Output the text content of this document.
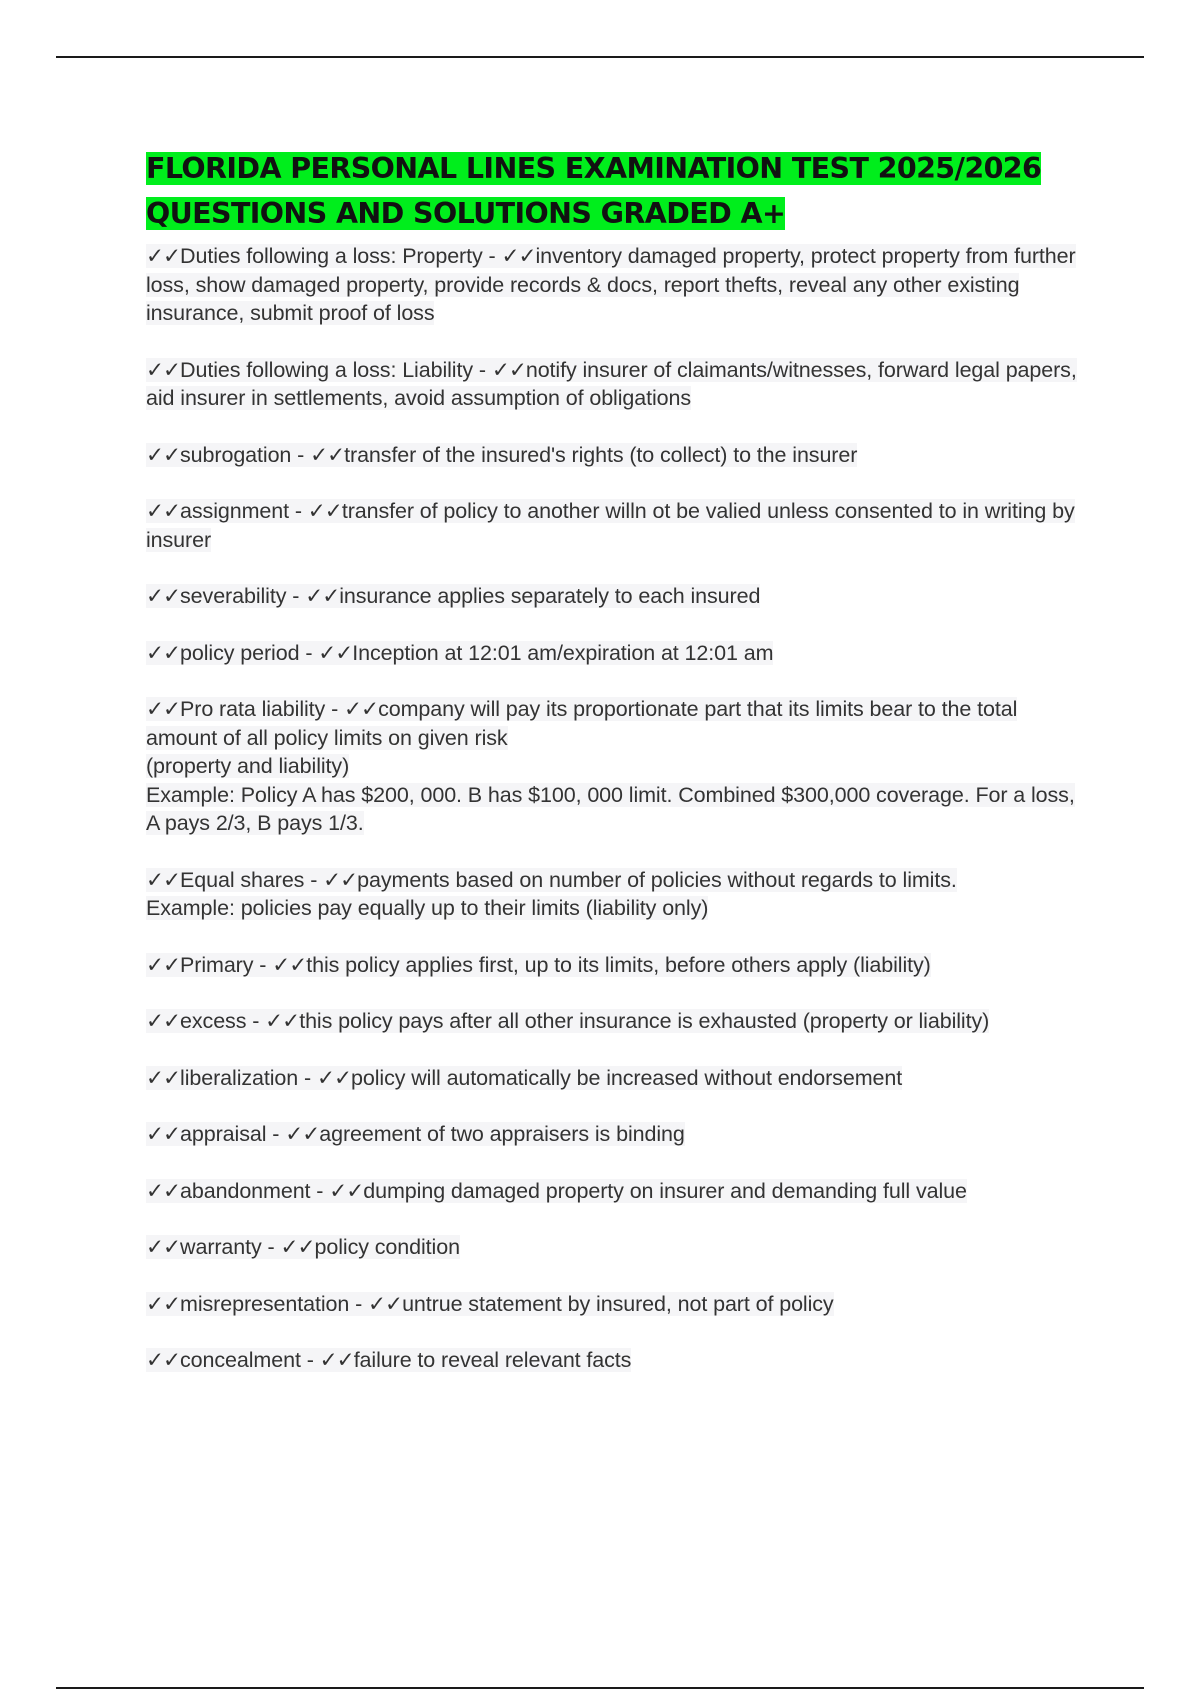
FLORIDA PERSONAL LINES EXAMINATION TEST 2025/2026
QUESTIONS AND SOLUTIONS GRADED A+

✓✓Duties following a loss: Property - ✓✓inventory damaged property, protect property from further loss, show damaged property, provide records & docs, report thefts, reveal any other existing insurance, submit proof of loss

✓✓Duties following a loss: Liability - ✓✓notify insurer of claimants/witnesses, forward legal papers, aid insurer in settlements, avoid assumption of obligations

✓✓subrogation - ✓✓transfer of the insured's rights (to collect) to the insurer

✓✓assignment - ✓✓transfer of policy to another willn ot be valied unless consented to in writing by insurer

✓✓severability - ✓✓insurance applies separately to each insured

✓✓policy period - ✓✓Inception at 12:01 am/expiration at 12:01 am

✓✓Pro rata liability - ✓✓company will pay its proportionate part that its limits bear to the total amount of all policy limits on given risk
(property and liability)
Example: Policy A has $200, 000. B has $100, 000 limit. Combined $300,000 coverage. For a loss, A pays 2/3, B pays 1/3.

✓✓Equal shares - ✓✓payments based on number of policies without regards to limits.
Example: policies pay equally up to their limits (liability only)

✓✓Primary - ✓✓this policy applies first, up to its limits, before others apply (liability)

✓✓excess - ✓✓this policy pays after all other insurance is exhausted (property or liability)

✓✓liberalization - ✓✓policy will automatically be increased without endorsement

✓✓appraisal - ✓✓agreement of two appraisers is binding

✓✓abandonment - ✓✓dumping damaged property on insurer and demanding full value

✓✓warranty - ✓✓policy condition

✓✓misrepresentation - ✓✓untrue statement by insured, not part of policy

✓✓concealment - ✓✓failure to reveal relevant facts
